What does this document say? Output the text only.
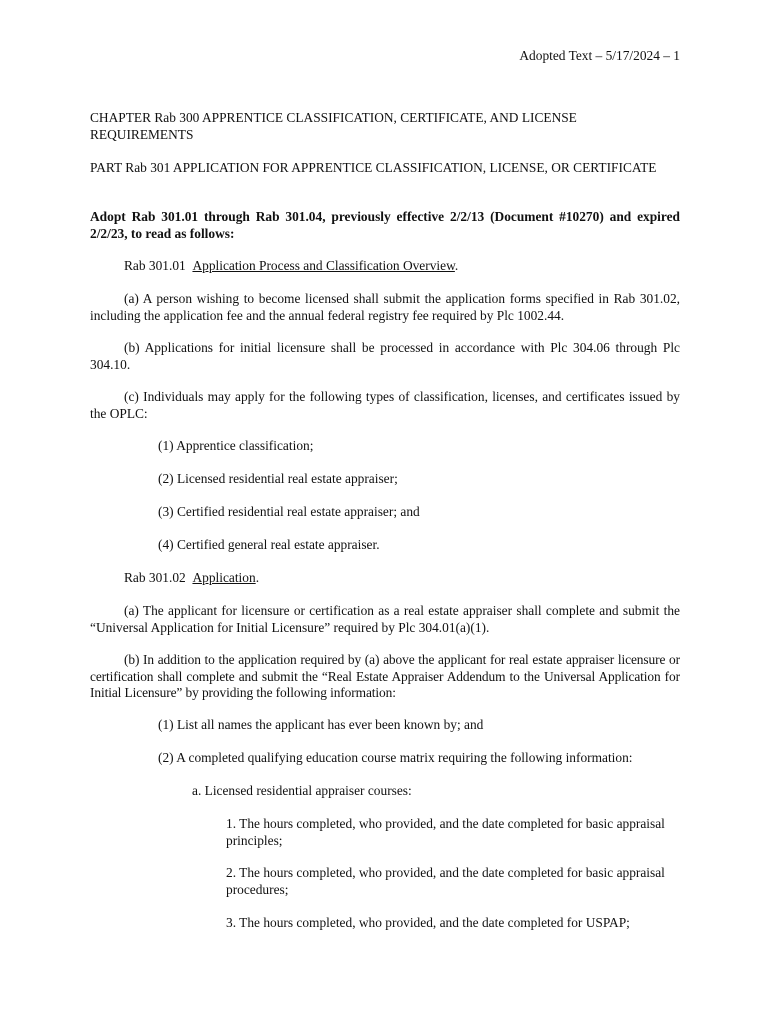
Adopted Text – 5/17/2024 – 1
CHAPTER Rab 300 APPRENTICE CLASSIFICATION, CERTIFICATE, AND LICENSE REQUIREMENTS
PART Rab 301 APPLICATION FOR APPRENTICE CLASSIFICATION, LICENSE, OR CERTIFICATE
Adopt Rab 301.01 through Rab 301.04, previously effective 2/2/13 (Document #10270) and expired 2/2/23, to read as follows:
Rab 301.01 Application Process and Classification Overview.
(a) A person wishing to become licensed shall submit the application forms specified in Rab 301.02, including the application fee and the annual federal registry fee required by Plc 1002.44.
(b) Applications for initial licensure shall be processed in accordance with Plc 304.06 through Plc 304.10.
(c) Individuals may apply for the following types of classification, licenses, and certificates issued by the OPLC:
(1) Apprentice classification;
(2) Licensed residential real estate appraiser;
(3) Certified residential real estate appraiser; and
(4) Certified general real estate appraiser.
Rab 301.02 Application.
(a) The applicant for licensure or certification as a real estate appraiser shall complete and submit the “Universal Application for Initial Licensure” required by Plc 304.01(a)(1).
(b) In addition to the application required by (a) above the applicant for real estate appraiser licensure or certification shall complete and submit the “Real Estate Appraiser Addendum to the Universal Application for Initial Licensure” by providing the following information:
(1) List all names the applicant has ever been known by; and
(2) A completed qualifying education course matrix requiring the following information:
a. Licensed residential appraiser courses:
1. The hours completed, who provided, and the date completed for basic appraisal principles;
2. The hours completed, who provided, and the date completed for basic appraisal procedures;
3. The hours completed, who provided, and the date completed for USPAP;
